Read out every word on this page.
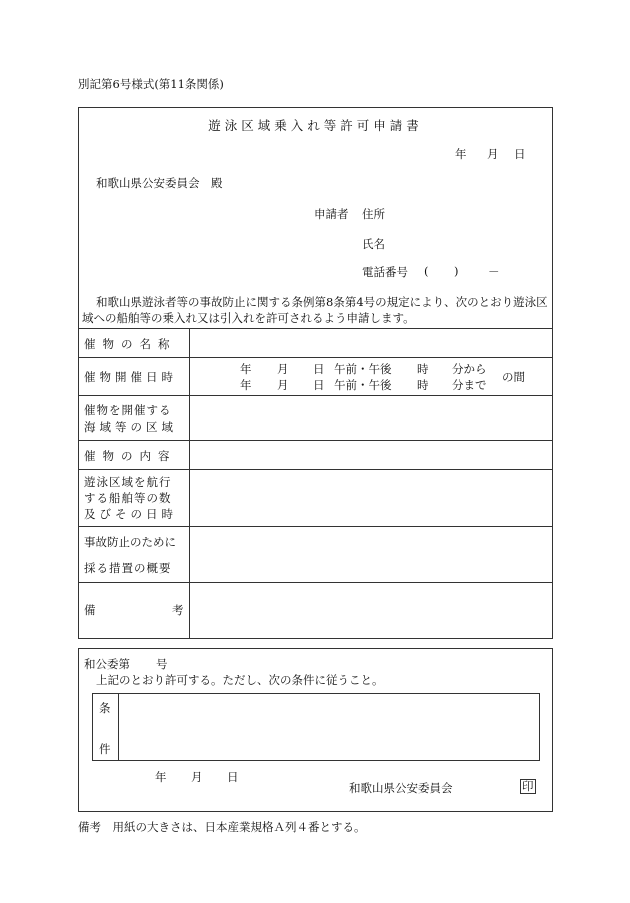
別記第6号様式(第11条関係)
遊泳区域乗入れ等許可申請書
年 月 日
和歌山県公安委員会　殿
申請者 住所
氏名
電話番号 ( )	－
和歌山県遊泳者等の事故防止に関する条例第8条第4号の規定により、次のとおり遊泳区
域への船舶等の乗入れ又は引入れを許可されるよう申請します。
催物の名称
催物開催日時
年 月 日 午前・午後 時 分から
年 月 日 午前・午後 時 分まで
の間
催物を開催する
海域等の区域
催物の内容
遊泳区域を航行
する船舶等の数
及びその日時
事故防止のために
採る措置の概要
備	考
和公委第 号
上記のとおり許可する。ただし、次の条件に従うこと。
条
件
年 月 日
和歌山県公安委員会	印
備考　用紙の大きさは、日本産業規格Ａ列４番とする。
